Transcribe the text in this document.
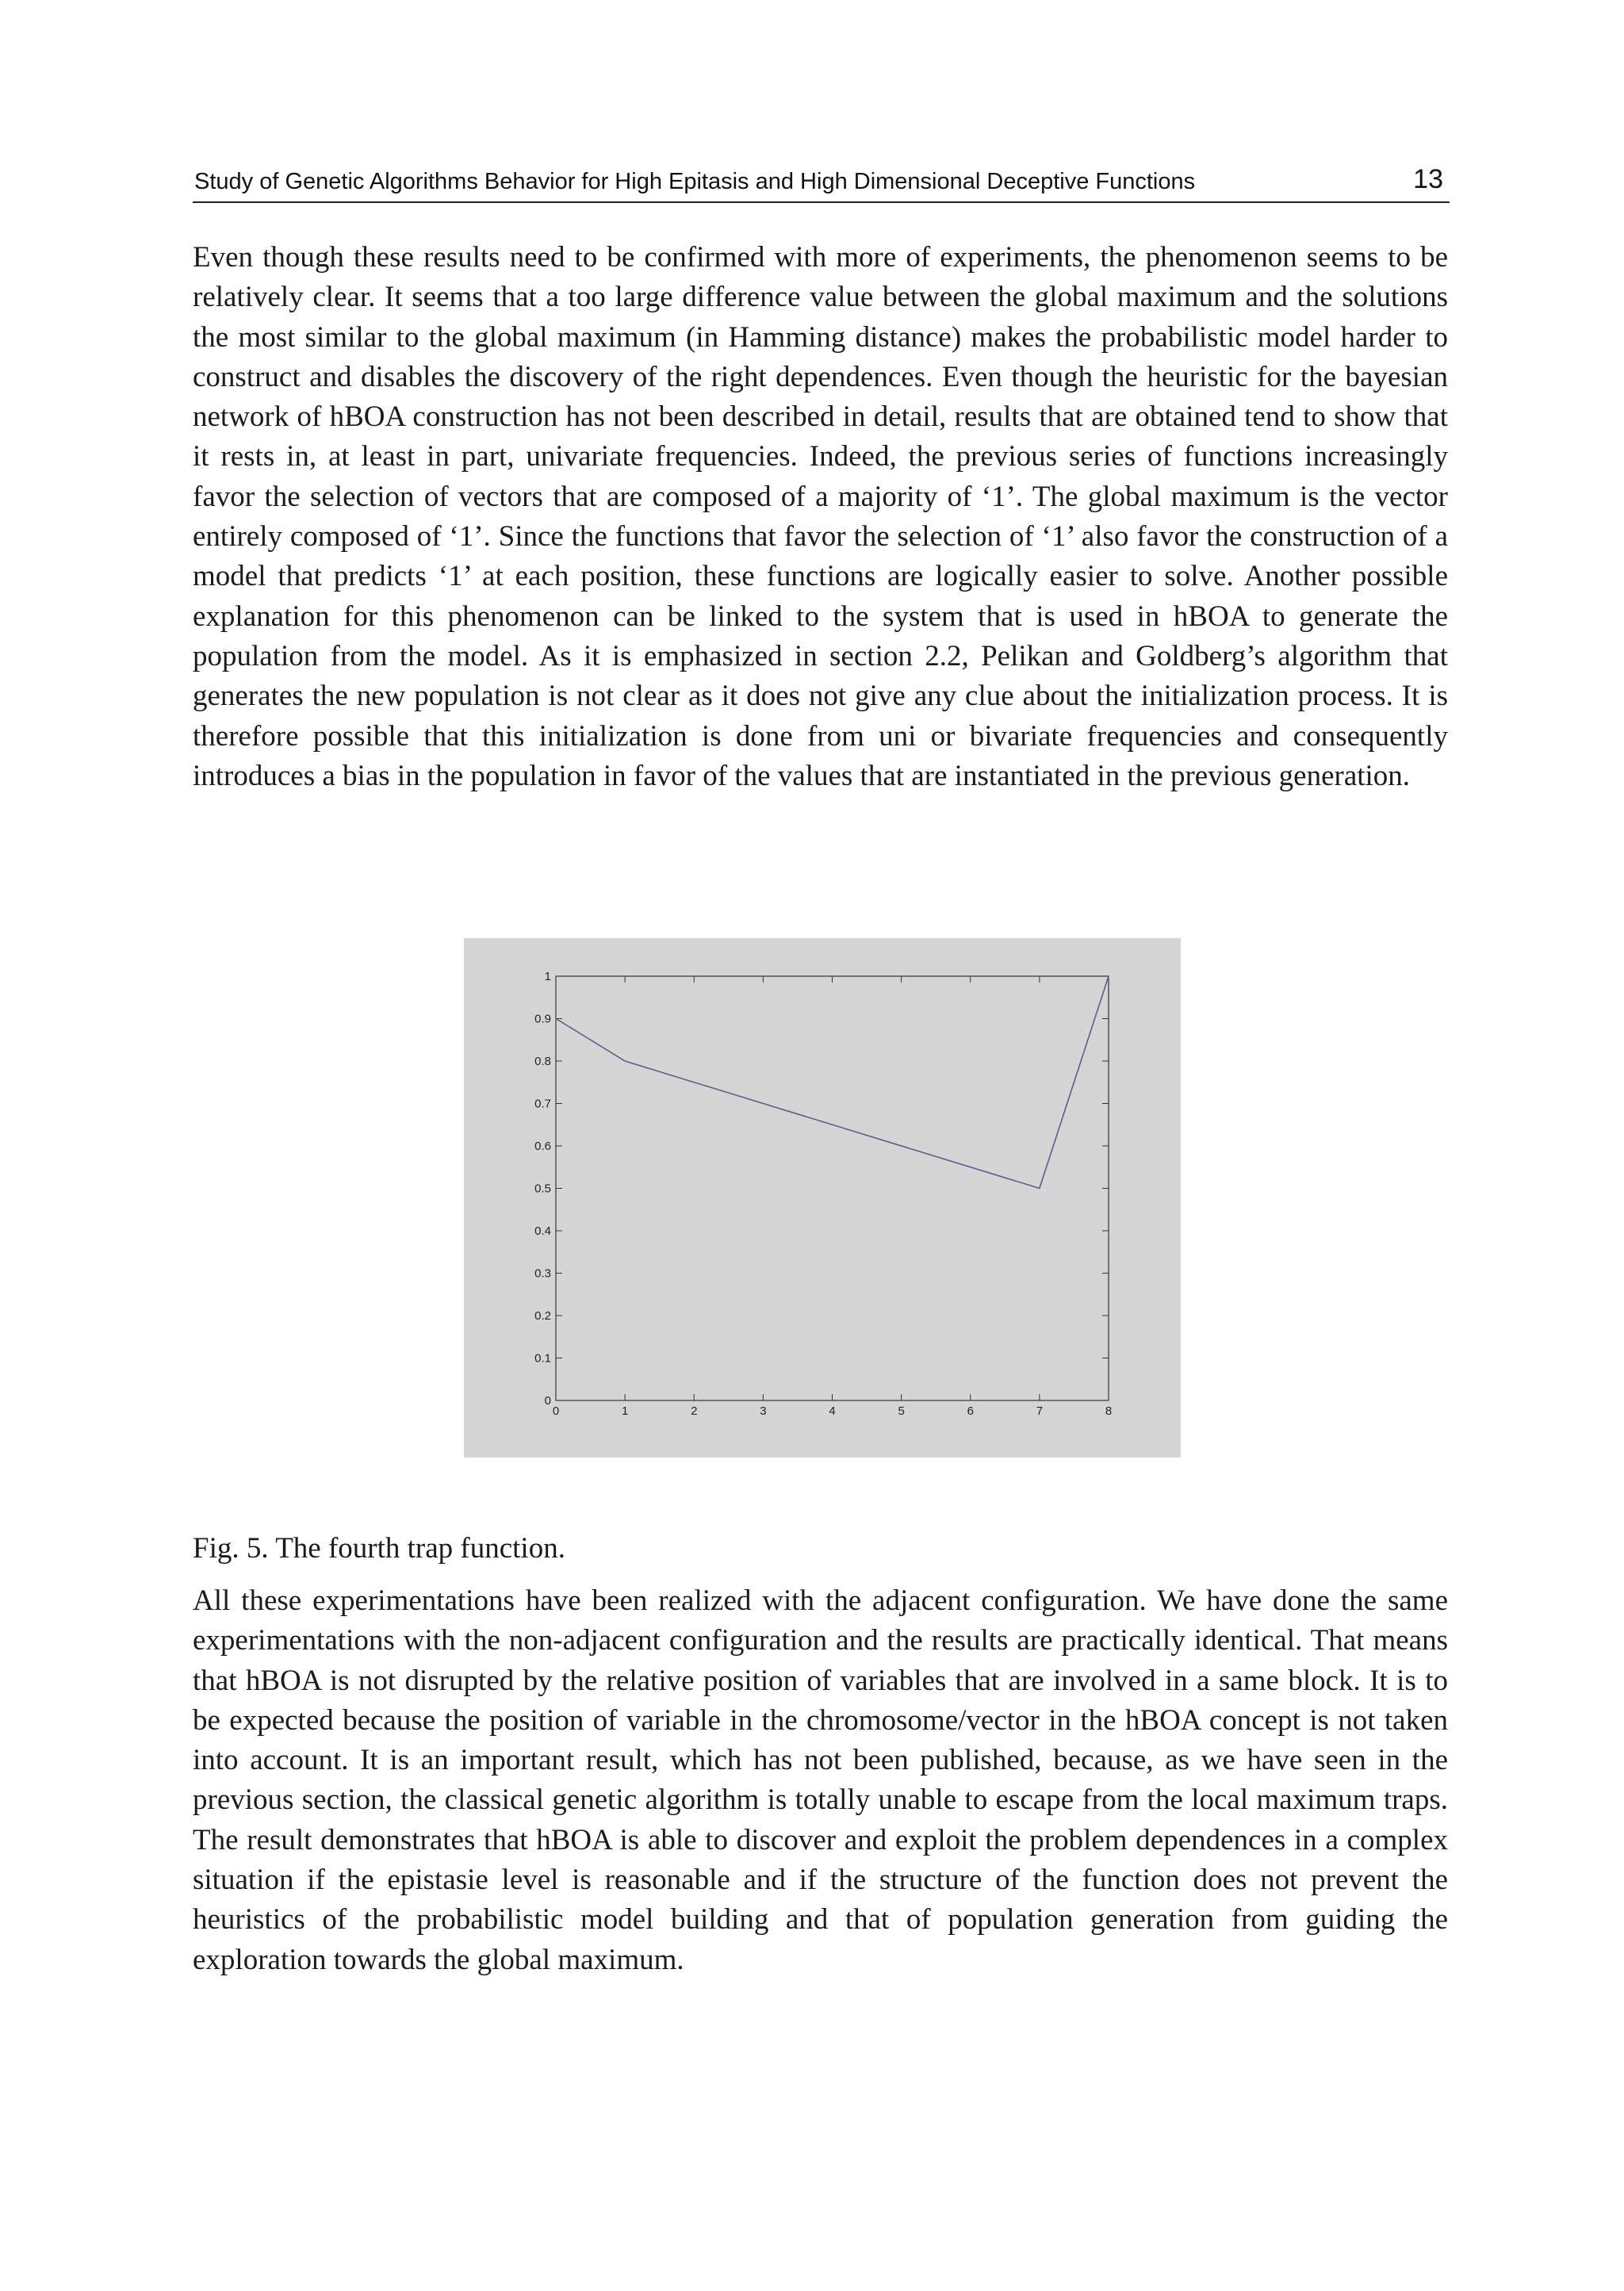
Study of Genetic Algorithms Behavior for High Epitasis and High Dimensional Deceptive Functions	13

Even though these results need to be confirmed with more of experiments, the phenomenon seems to be relatively clear. It seems that a too large difference value between the global maximum and the solutions the most similar to the global maximum (in Hamming distance) makes the probabilistic model harder to construct and disables the discovery of the right dependences. Even though the heuristic for the bayesian network of hBOA construction has not been described in detail, results that are obtained tend to show that it rests in, at least in part, univariate frequencies. Indeed, the previous series of functions increasingly favor the selection of vectors that are composed of a majority of ‘1’. The global maximum is the vector entirely composed of ‘1’. Since the functions that favor the selection of ‘1’ also favor the construction of a model that predicts ‘1’ at each position, these functions are logically easier to solve. Another possible explanation for this phenomenon can be linked to the system that is used in hBOA to generate the population from the model. As it is emphasized in section 2.2, Pelikan and Goldberg’s algorithm that generates the new population is not clear as it does not give any clue about the initialization process. It is therefore possible that this initialization is done from uni or bivariate frequencies and consequently introduces a bias in the population in favor of the values that are instantiated in the previous generation.

0	1	2	3	4	5	6	7	8
0
0.1
0.2
0.3
0.4
0.5
0.6
0.7
0.8
0.9
1

Fig. 5. The fourth trap function.

All these experimentations have been realized with the adjacent configuration. We have done the same experimentations with the non-adjacent configuration and the results are practically identical. That means that hBOA is not disrupted by the relative position of variables that are involved in a same block. It is to be expected because the position of variable in the chromosome/vector in the hBOA concept is not taken into account. It is an important result, which has not been published, because, as we have seen in the previous section, the classical genetic algorithm is totally unable to escape from the local maximum traps. The result demonstrates that hBOA is able to discover and exploit the problem dependences in a complex situation if the epistasie level is reasonable and if the structure of the function does not prevent the heuristics of the probabilistic model building and that of population generation from guiding the exploration towards the global maximum.
